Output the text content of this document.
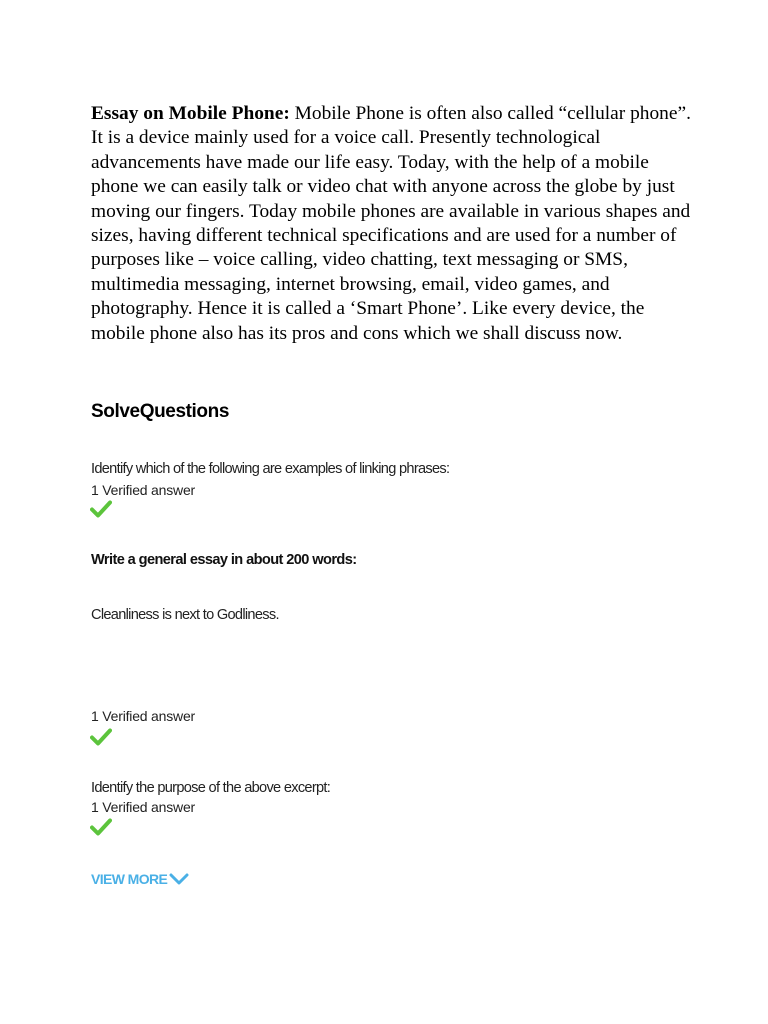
Essay on Mobile Phone: Mobile Phone is often also called “cellular phone”. It is a device mainly used for a voice call. Presently technological advancements have made our life easy. Today, with the help of a mobile phone we can easily talk or video chat with anyone across the globe by just moving our fingers. Today mobile phones are available in various shapes and sizes, having different technical specifications and are used for a number of purposes like – voice calling, video chatting, text messaging or SMS, multimedia messaging, internet browsing, email, video games, and photography. Hence it is called a ‘Smart Phone’. Like every device, the mobile phone also has its pros and cons which we shall discuss now.
SolveQuestions
Identify which of the following are examples of linking phrases:
1 Verified answer
Write a general essay in about 200 words:
Cleanliness is next to Godliness.
1 Verified answer
Identify the purpose of the above excerpt:
1 Verified answer
VIEW MORE
